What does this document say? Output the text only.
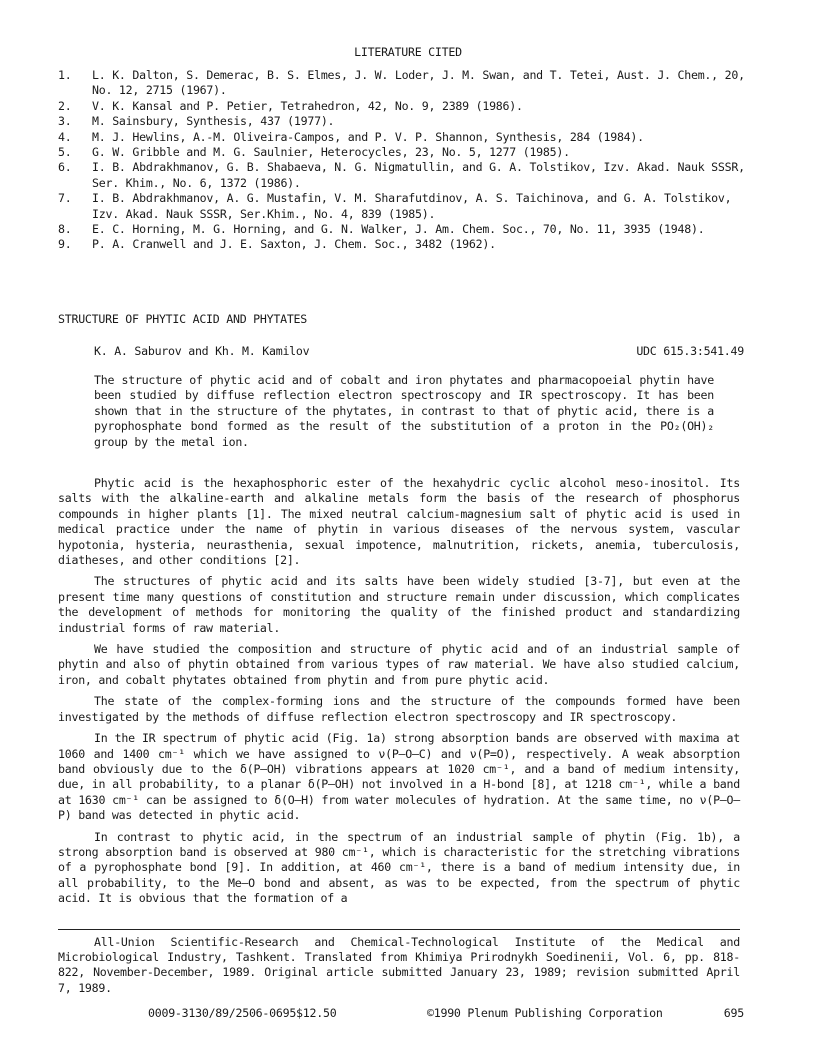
LITERATURE CITED
1. L. K. Dalton, S. Demerac, B. S. Elmes, J. W. Loder, J. M. Swan, and T. Tetei, Aust. J. Chem., 20, No. 12, 2715 (1967).
2. V. K. Kansal and P. Petier, Tetrahedron, 42, No. 9, 2389 (1986).
3. M. Sainsbury, Synthesis, 437 (1977).
4. M. J. Hewlins, A.-M. Oliveira-Campos, and P. V. P. Shannon, Synthesis, 284 (1984).
5. G. W. Gribble and M. G. Saulnier, Heterocycles, 23, No. 5, 1277 (1985).
6. I. B. Abdrakhmanov, G. B. Shabaeva, N. G. Nigmatullin, and G. A. Tolstikov, Izv. Akad. Nauk SSSR, Ser. Khim., No. 6, 1372 (1986).
7. I. B. Abdrakhmanov, A. G. Mustafin, V. M. Sharafutdinov, A. S. Taichinova, and G. A. Tolstikov, Izv. Akad. Nauk SSSR, Ser.Khim., No. 4, 839 (1985).
8. E. C. Horning, M. G. Horning, and G. N. Walker, J. Am. Chem. Soc., 70, No. 11, 3935 (1948).
9. P. A. Cranwell and J. E. Saxton, J. Chem. Soc., 3482 (1962).
STRUCTURE OF PHYTIC ACID AND PHYTATES
K. A. Saburov and Kh. M. Kamilov	UDC 615.3:541.49

The structure of phytic acid and of cobalt and iron phytates and pharmacopoeial phytin have been studied by diffuse reflection electron spectroscopy and IR spectroscopy. It has been shown that in the structure of the phytates, in contrast to that of phytic acid, there is a pyrophosphate bond formed as the result of the substitution of a proton in the PO₂(OH)₂ group by the metal ion.

Phytic acid is the hexaphosphoric ester of the hexahydric cyclic alcohol meso-inositol. Its salts with the alkaline-earth and alkaline metals form the basis of the research of phosphorus compounds in higher plants [1]. The mixed neutral calcium-magnesium salt of phytic acid is used in medical practice under the name of phytin in various diseases of the nervous system, vascular hypotonia, hysteria, neurasthenia, sexual impotence, malnutrition, rickets, anemia, tuberculosis, diatheses, and other conditions [2].

The structures of phytic acid and its salts have been widely studied [3-7], but even at the present time many questions of constitution and structure remain under discussion, which complicates the development of methods for monitoring the quality of the finished product and standardizing industrial forms of raw material.

We have studied the composition and structure of phytic acid and of an industrial sample of phytin and also of phytin obtained from various types of raw material. We have also studied calcium, iron, and cobalt phytates obtained from phytin and from pure phytic acid.

The state of the complex-forming ions and the structure of the compounds formed have been investigated by the methods of diffuse reflection electron spectroscopy and IR spectroscopy.

In the IR spectrum of phytic acid (Fig. 1a) strong absorption bands are observed with maxima at 1060 and 1400 cm⁻¹ which we have assigned to ν(P–O–C) and ν(P=O), respectively. A weak absorption band obviously due to the δ(P–OH) vibrations appears at 1020 cm⁻¹, and a band of medium intensity, due, in all probability, to a planar δ(P–OH) not involved in a H-bond [8], at 1218 cm⁻¹, while a band at 1630 cm⁻¹ can be assigned to δ(O–H) from water molecules of hydration. At the same time, no ν(P–O–P) band was detected in phytic acid.

In contrast to phytic acid, in the spectrum of an industrial sample of phytin (Fig. 1b), a strong absorption band is observed at 980 cm⁻¹, which is characteristic for the stretching vibrations of a pyrophosphate bond [9]. In addition, at 460 cm⁻¹, there is a band of medium intensity due, in all probability, to the Me–O bond and absent, as was to be expected, from the spectrum of phytic acid. It is obvious that the formation of a

All-Union Scientific-Research and Chemical-Technological Institute of the Medical and Microbiological Industry, Tashkent. Translated from Khimiya Prirodnykh Soedinenii, Vol. 6, pp. 818-822, November-December, 1989. Original article submitted January 23, 1989; revision submitted April 7, 1989.

0009-3130/89/2506-0695$12.50	©1990 Plenum Publishing Corporation	695
